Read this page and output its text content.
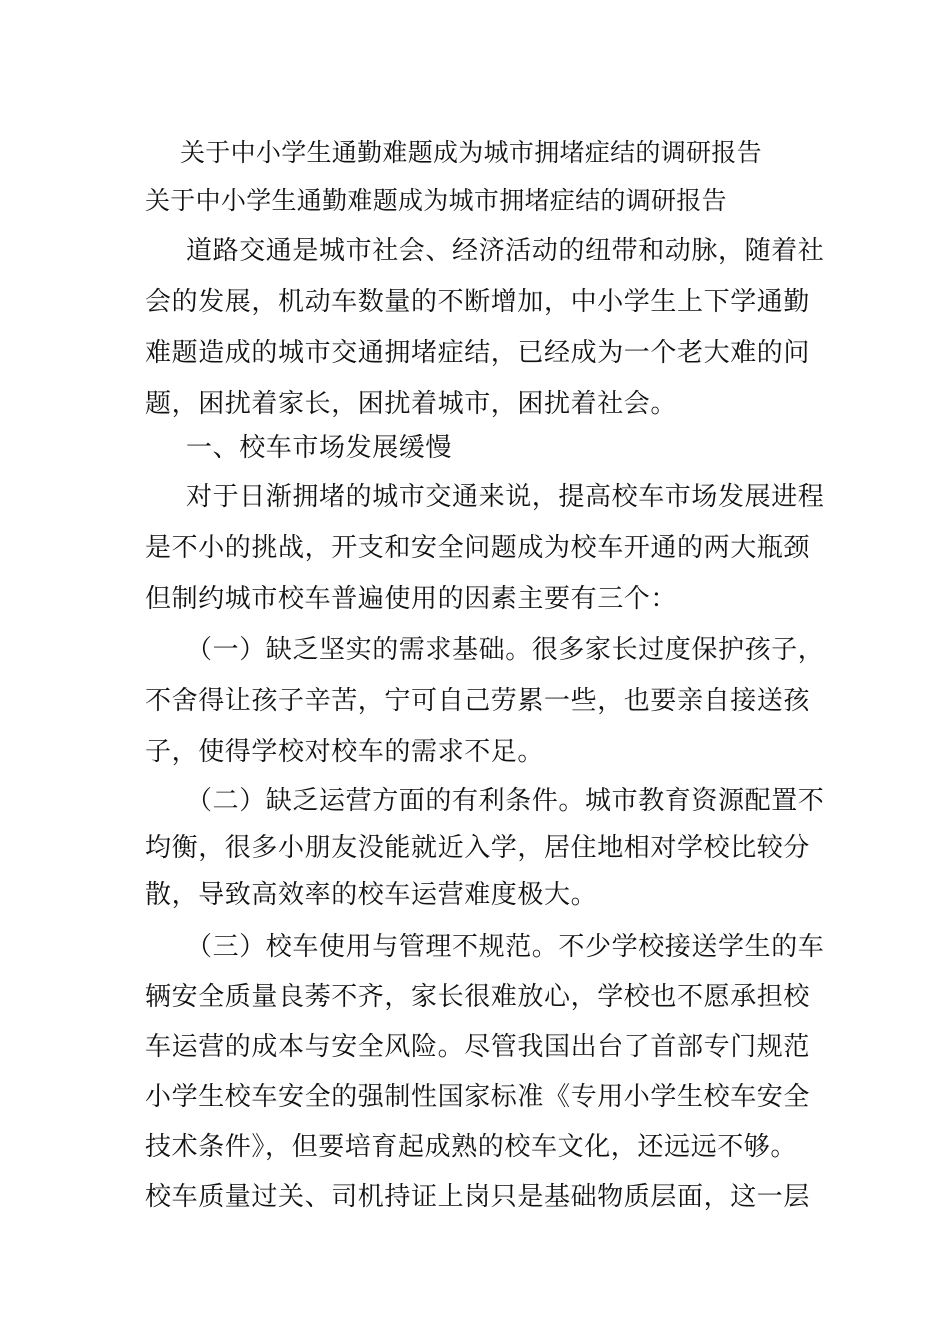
关于中小学生通勤难题成为城市拥堵症结的调研报告
关于中小学生通勤难题成为城市拥堵症结的调研报告
道路交通是城市社会、经济活动的纽带和动脉，随着社
会的发展，机动车数量的不断增加，中小学生上下学通勤
难题造成的城市交通拥堵症结，已经成为一个老大难的问
题，困扰着家长，困扰着城市，困扰着社会。
一、校车市场发展缓慢
对于日渐拥堵的城市交通来说，提高校车市场发展进程
是不小的挑战，开支和安全问题成为校车开通的两大瓶颈
但制约城市校车普遍使用的因素主要有三个：
（一）缺乏坚实的需求基础。很多家长过度保护孩子，
不舍得让孩子辛苦，宁可自己劳累一些，也要亲自接送孩
子，使得学校对校车的需求不足。
（二）缺乏运营方面的有利条件。城市教育资源配置不
均衡，很多小朋友没能就近入学，居住地相对学校比较分
散，导致高效率的校车运营难度极大。
（三）校车使用与管理不规范。不少学校接送学生的车
辆安全质量良莠不齐，家长很难放心，学校也不愿承担校
车运营的成本与安全风险。尽管我国出台了首部专门规范
小学生校车安全的强制性国家标准《专用小学生校车安全
技术条件》，但要培育起成熟的校车文化，还远远不够。
校车质量过关、司机持证上岗只是基础物质层面，这一层
